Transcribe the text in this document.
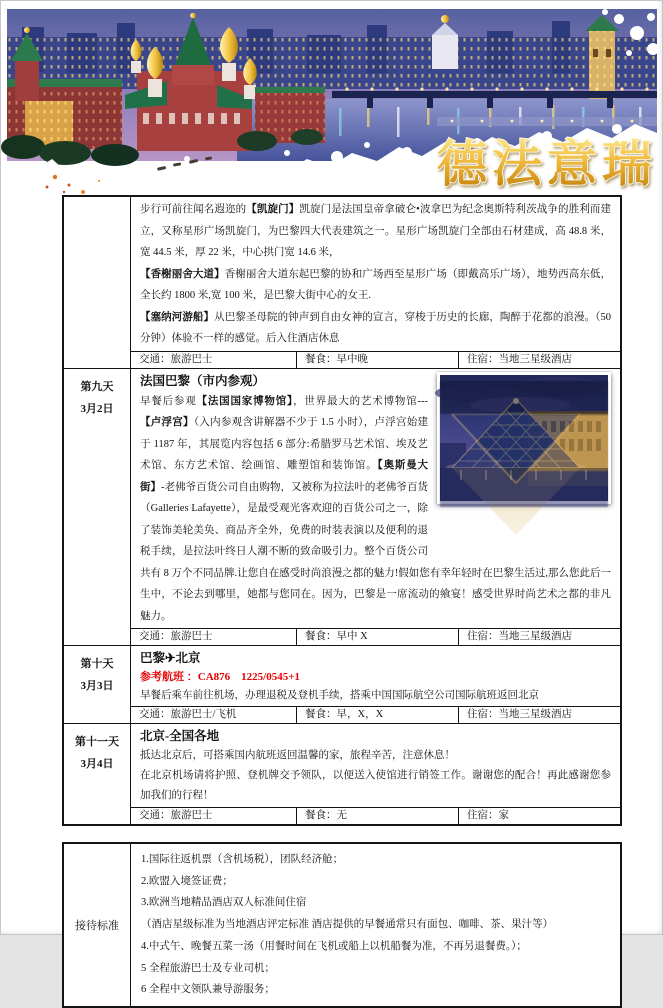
德法意瑞
步行可前往闻名遐迩的【凯旋门】凯旋门是法国皇帝拿破仑•波拿巴为纪念奥斯特利茨战争的胜利而建立，又称星形广场凯旋门，为巴黎四大代表建筑之一。星形广场凯旋门全部由石材建成，高 48.8 米，宽 44.5 米，厚 22 米，中心拱门宽 14.6 米，
【香榭丽舍大道】香榭丽舍大道东起巴黎的协和广场西至星形广场（即戴高乐广场），地势西高东低，全长约 1800 米,宽 100 米，是巴黎大街中心的女王.
【塞纳河游船】从巴黎圣母院的钟声到自由女神的宣言，穿梭于历史的长廊，陶醉于花都的浪漫。（50 分钟）体验不一样的感觉。后入住酒店休息
交通：旅游巴士	餐食：早中晚	住宿：当地三星级酒店
第九天
3月2日
法国巴黎（市内参观）
早餐后参观【法国国家博物馆】，世界最大的艺术博物馆---【卢浮宫】（入内参观含讲解器不少于 1.5 小时），卢浮宫始建于 1187 年，其展览内容包括 6 部分:希腊罗马艺术馆、埃及艺术馆、东方艺术馆、绘画馆、雕塑馆和装饰馆。【奥斯曼大街】-老佛爷百货公司自由购物，又被称为拉法叶的老佛爷百货（Galleries Lafayette），是最受观光客欢迎的百货公司之一，除了装饰美轮美奂、商品齐全外，免费的时装表演以及便利的退税手续，是拉法叶终日人潮不断的致命吸引力。整个百货公司共有 8 万个不同品牌.让您自在感受时尚浪漫之都的魅力!假如您有幸年轻时在巴黎生活过,那么您此后一生中，不论去到哪里，她都与您同在。因为，巴黎是一席流动的飨宴！感受世界时尚艺术之都的非凡魅力。
交通：旅游巴士	餐食：早中 X	住宿：当地三星级酒店
第十天
3月3日
巴黎✈北京
参考航班 ：CA876    1225/0545+1
早餐后乘车前往机场，办理退税及登机手续，搭乘中国国际航空公司国际航班返回北京
交通：旅游巴士/飞机	餐食：早，X，X	住宿：当地三星级酒店
第十一天
3月4日
北京-全国各地
抵达北京后，可搭乘国内航班返回温馨的家，旅程辛苦，注意休息！
在北京机场请将护照、登机牌交予领队，以便送入使馆进行销签工作。谢谢您的配合！再此感谢您参加我们的行程！
交通：旅游巴士	餐食：无	住宿：家
接待标准
1.国际往返机票（含机场税），团队经济舱；
2.欧盟入境签证费；
3.欧洲当地精品酒店双人标准间住宿
（酒店星级标准为当地酒店评定标准 酒店提供的早餐通常只有面包、咖啡、茶、果汁等）
4.中式午、晚餐五菜一汤（用餐时间在飞机或船上以机船餐为准，不再另退餐费。）；
5 全程旅游巴士及专业司机；
6 全程中文领队兼导游服务；
